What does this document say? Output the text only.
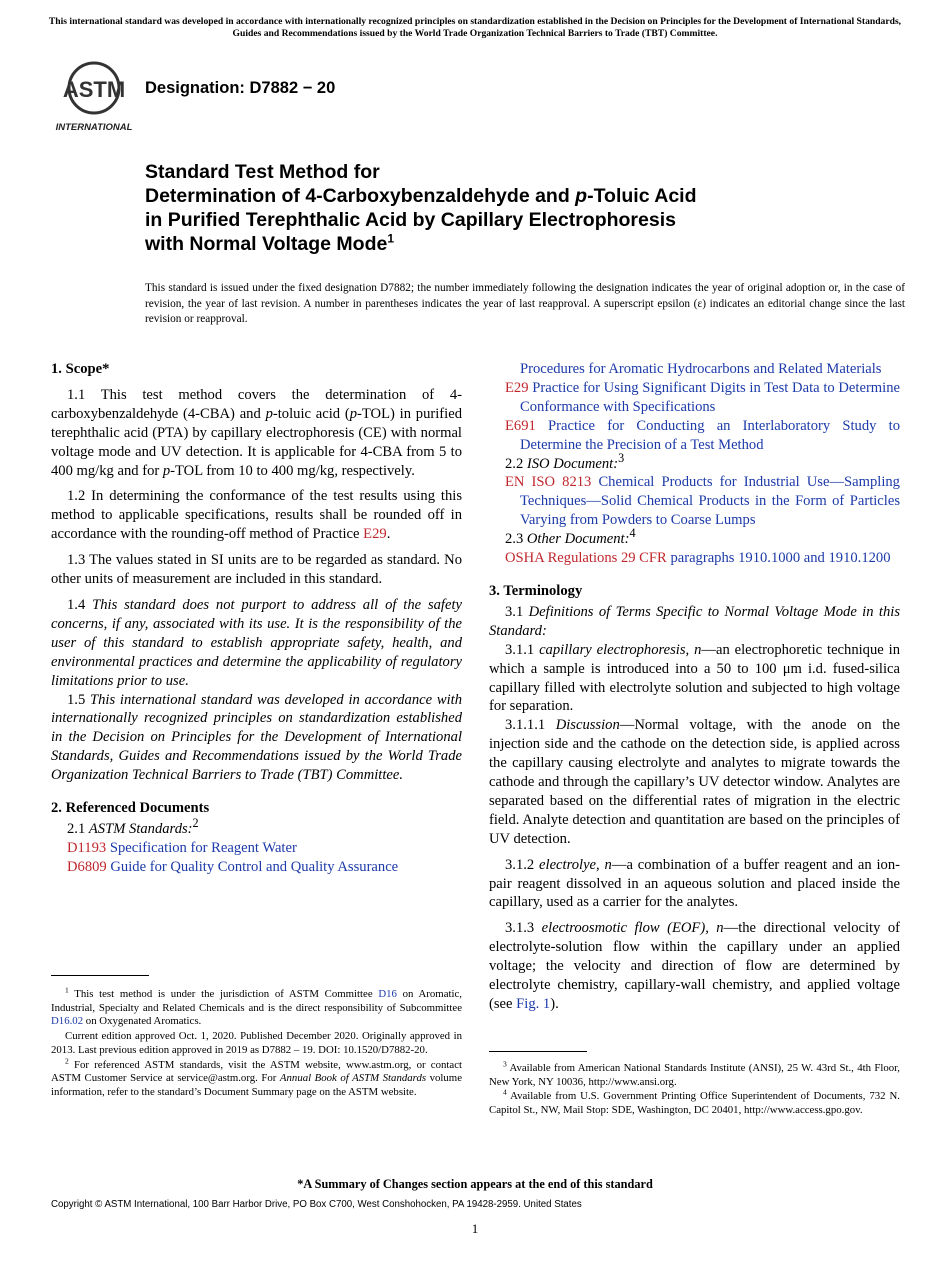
This international standard was developed in accordance with internationally recognized principles on standardization established in the Decision on Principles for the Development of International Standards, Guides and Recommendations issued by the World Trade Organization Technical Barriers to Trade (TBT) Committee.
ASTM
INTERNATIONAL
Designation: D7882 − 20
Standard Test Method for
Determination of 4-Carboxybenzaldehyde and p-Toluic Acid
in Purified Terephthalic Acid by Capillary Electrophoresis
with Normal Voltage Mode$^1$
This standard is issued under the fixed designation D7882; the number immediately following the designation indicates the year of original adoption or, in the case of revision, the year of last revision. A number in parentheses indicates the year of last reapproval. A superscript epsilon (ε) indicates an editorial change since the last revision or reapproval.
1. Scope*

1.1 This test method covers the determination of 4-carboxybenzaldehyde (4-CBA) and p-toluic acid (p-TOL) in purified terephthalic acid (PTA) by capillary electrophoresis (CE) with normal voltage mode and UV detection. It is applicable for 4-CBA from 5 to 400 mg/kg and for p-TOL from 10 to 400 mg/kg, respectively.

1.2 In determining the conformance of the test results using this method to applicable specifications, results shall be rounded off in accordance with the rounding-off method of Practice E29.

1.3 The values stated in SI units are to be regarded as standard. No other units of measurement are included in this standard.

1.4 This standard does not purport to address all of the safety concerns, if any, associated with its use. It is the responsibility of the user of this standard to establish appropriate safety, health, and environmental practices and determine the applicability of regulatory limitations prior to use.

1.5 This international standard was developed in accordance with internationally recognized principles on standardization established in the Decision on Principles for the Development of International Standards, Guides and Recommendations issued by the World Trade Organization Technical Barriers to Trade (TBT) Committee.

2. Referenced Documents

2.1 ASTM Standards:$^2$

D1193 Specification for Reagent Water

D6809 Guide for Quality Control and Quality Assurance

$^1$ This test method is under the jurisdiction of ASTM Committee D16 on Aromatic, Industrial, Specialty and Related Chemicals and is the direct responsibility of Subcommittee D16.02 on Oxygenated Aromatics.

Current edition approved Oct. 1, 2020. Published December 2020. Originally approved in 2013. Last previous edition approved in 2019 as D7882 – 19. DOI: 10.1520/D7882-20.

$^2$ For referenced ASTM standards, visit the ASTM website, www.astm.org, or contact ASTM Customer Service at service@astm.org. For Annual Book of ASTM Standards volume information, refer to the standard’s Document Summary page on the ASTM website.

Procedures for Aromatic Hydrocarbons and Related Materials

E29 Practice for Using Significant Digits in Test Data to Determine Conformance with Specifications

E691 Practice for Conducting an Interlaboratory Study to Determine the Precision of a Test Method

2.2 ISO Document:$^3$

EN ISO 8213 Chemical Products for Industrial Use—Sampling Techniques—Solid Chemical Products in the Form of Particles Varying from Powders to Coarse Lumps

2.3 Other Document:$^4$

OSHA Regulations 29 CFR paragraphs 1910.1000 and 1910.1200

3. Terminology

3.1 Definitions of Terms Specific to Normal Voltage Mode in this Standard:

3.1.1 capillary electrophoresis, n—an electrophoretic technique in which a sample is introduced into a 50 to 100 μm i.d. fused-silica capillary filled with electrolyte solution and subjected to high voltage for separation.

3.1.1.1 Discussion—Normal voltage, with the anode on the injection side and the cathode on the detection side, is applied across the capillary causing electrolyte and analytes to migrate towards the cathode and through the capillary’s UV detector window. Analytes are separated based on the differential rates of migration in the electric field. Analyte detection and quantitation are based on the principles of UV detection.

3.1.2 electrolye, n—a combination of a buffer reagent and an ion-pair reagent dissolved in an aqueous solution and placed inside the capillary, used as a carrier for the analytes.

3.1.3 electroosmotic flow (EOF), n—the directional velocity of electrolyte-solution flow within the capillary under an applied voltage; the velocity and direction of flow are determined by electrolyte chemistry, capillary-wall chemistry, and applied voltage (see Fig. 1).

$^3$ Available from American National Standards Institute (ANSI), 25 W. 43rd St., 4th Floor, New York, NY 10036, http://www.ansi.org.

$^4$ Available from U.S. Government Printing Office Superintendent of Documents, 732 N. Capitol St., NW, Mail Stop: SDE, Washington, DC 20401, http://www.access.gpo.gov.

*A Summary of Changes section appears at the end of this standard
Copyright © ASTM International, 100 Barr Harbor Drive, PO Box C700, West Conshohocken, PA 19428-2959. United States
1
